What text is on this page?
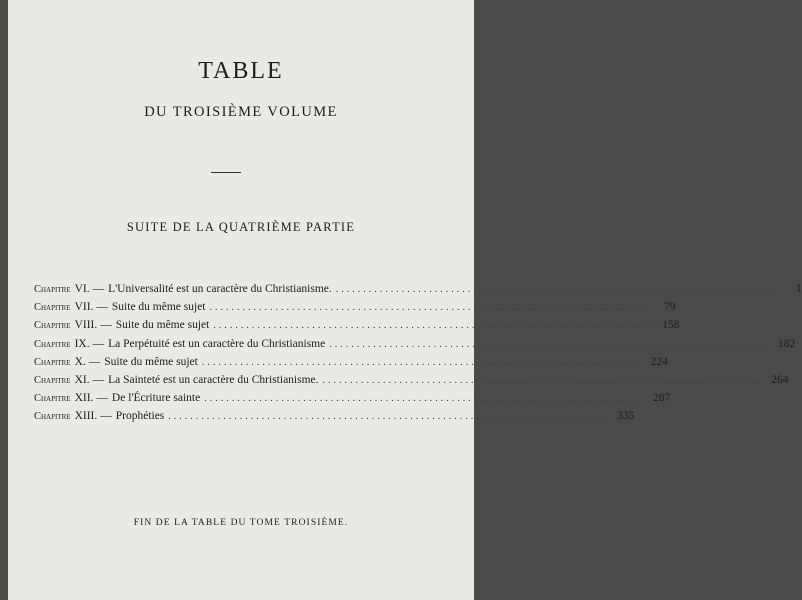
TABLE
DU TROISIÈME VOLUME
SUITE DE LA QUATRIÈME PARTIE
Chapitre VI. — L'Universalité est un caractère du Christianisme. ................................................................................	1
Chapitre VII. — Suite du même sujet ................................................................................	79
Chapitre VIII. — Suite du même sujet ................................................................................ 158
Chapitre IX. — La Perpétuité est un caractère du Christianisme ................................................................................ 182
Chapitre X. — Suite du même sujet ................................................................................ 224
Chapitre XI. — La Sainteté est un caractère du Christianisme. ................................................................................ 264
Chapitre XII. — De l'Écriture sainte ................................................................................ 287
Chapitre XIII. — Prophéties ................................................................................ 335
FIN DE LA TABLE DU TOME TROISIÈME.
